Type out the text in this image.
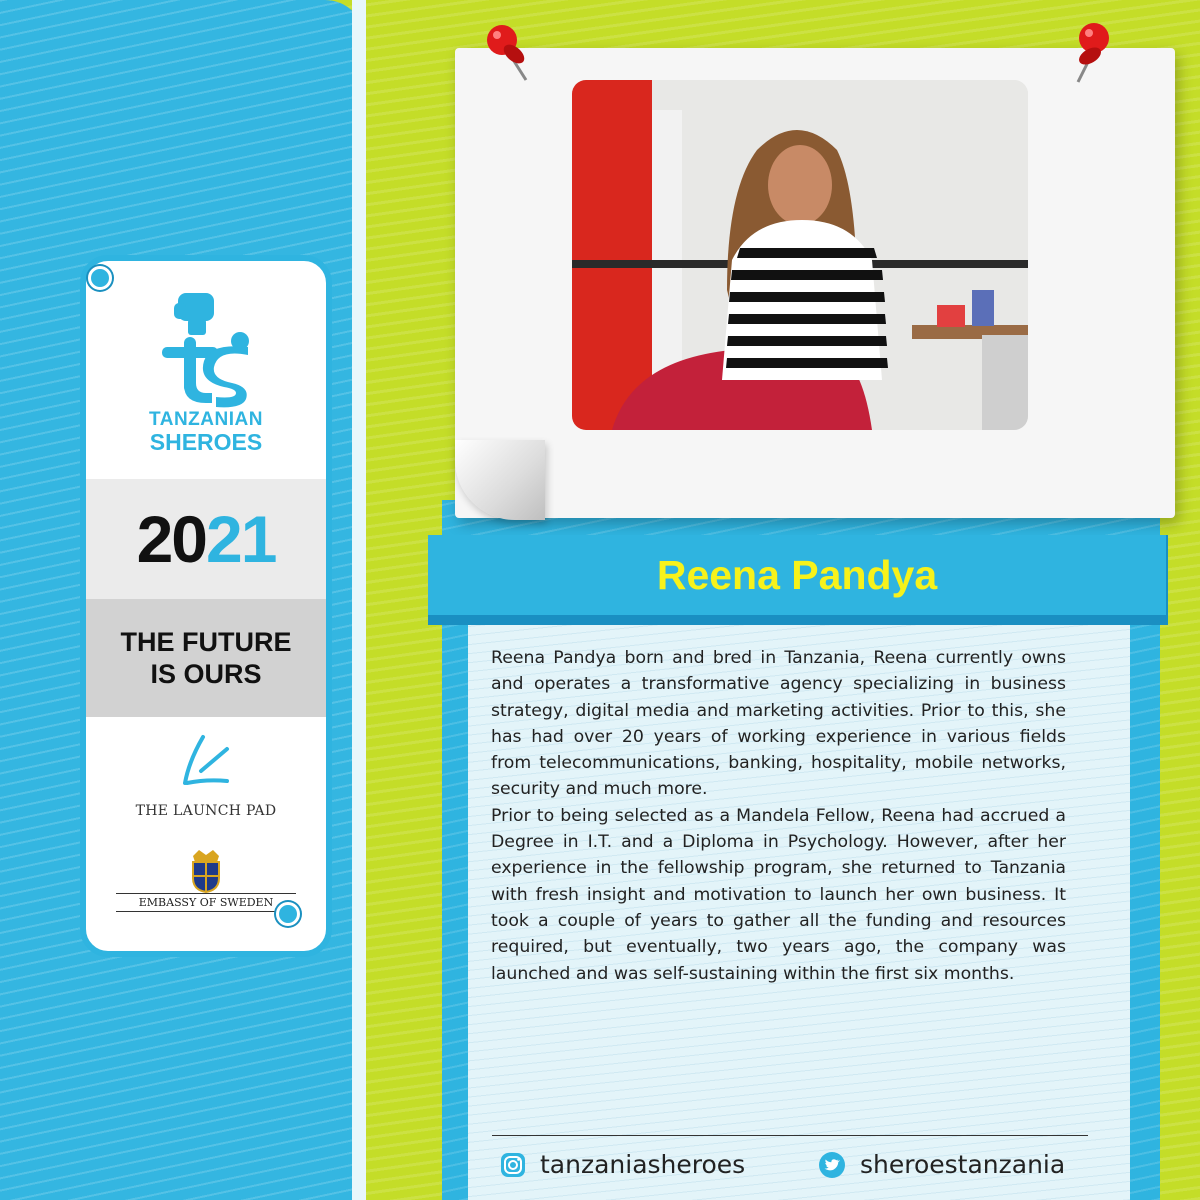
TANZANIAN
SHEROES
2021
THE FUTURE
IS OURS
THE LAUNCH PAD
EMBASSY OF SWEDEN
Reena Pandya

Reena Pandya born and bred in Tanzania, Reena currently owns and operates a transformative agency specializing in business strategy, digital media and marketing activities. Prior to this, she has had over 20 years of working experience in various fields from telecommunications, banking, hospitality, mobile networks, security and much more.

Prior to being selected as a Mandela Fellow, Reena had accrued a Degree in I.T. and a Diploma in Psychology. However, after her experience in the fellowship program, she returned to Tanzania with fresh insight and motivation to launch her own business. It took a couple of years to gather all the funding and resources required, but eventually, two years ago, the company was launched and was self-sustaining within the first six months.

tanzaniasheroes	sheroestanzania
